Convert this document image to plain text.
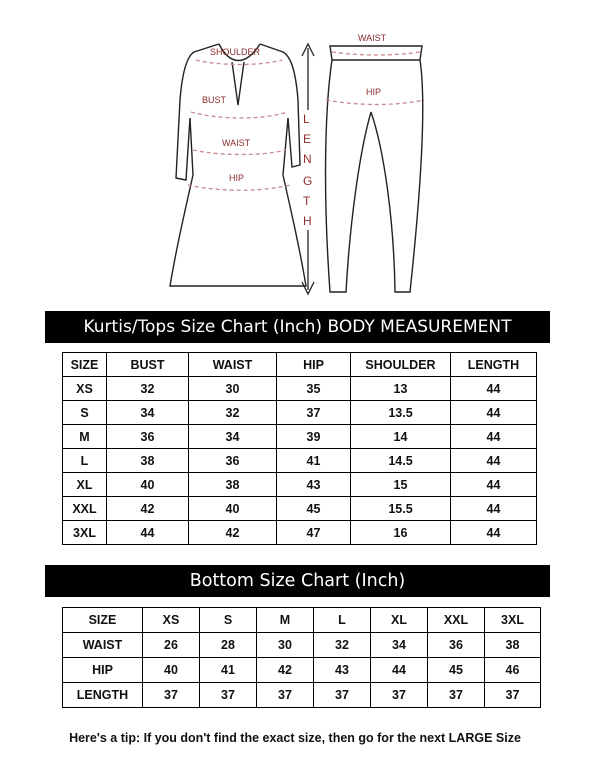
SHOULDER
BUST
WAIST
HIP
L
E
N
G
T
H
WAIST
HIP
Kurtis/Tops Size Chart (Inch) BODY MEASUREMENT
SIZE	BUST	WAIST	HIP	SHOULDER	LENGTH
XS	32	30	35	13	44
S	34	32	37	13.5	44
M	36	34	39	14	44
L	38	36	41	14.5	44
XL	40	38	43	15	44
XXL	42	40	45	15.5	44
3XL	44	42	47	16	44
Bottom Size Chart (Inch)
SIZE	XS	S	M	L	XL	XXL	3XL
WAIST	26	28	30	32	34	36	38
HIP	40	41	42	43	44	45	46
LENGTH	37	37	37	37	37	37	37
Here's a tip: If you don't find the exact size, then go for the next LARGE Size
